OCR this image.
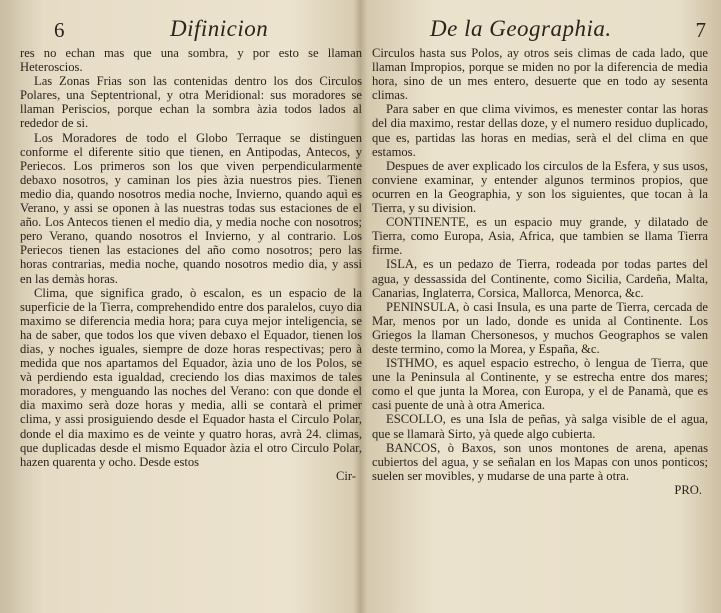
6	Difinicion

res no echan mas que una sombra, y por esto se llaman Heteroscios.

Las Zonas Frias son las contenidas dentro los dos Circulos Polares, una Septentrional, y otra Meridional: sus moradores se llaman Periscios, porque echan la sombra àzia todos lados al rededor de si.

Los Moradores de todo el Globo Terraque se distinguen conforme el diferente sitio que tienen, en Antipodas, Antecos, y Periecos. Los primeros son los que viven perpendicularmente debaxo nosotros, y caminan los pies àzia nuestros pies. Tienen medio dia, quando nosotros media noche, Invierno, quando aquì es Verano, y assi se oponen à las nuestras todas sus estaciones de el año. Los Antecos tienen el medio dia, y media noche con nosotros; pero Verano, quando nosotros el Invierno, y al contrario. Los Periecos tienen las estaciones del año como nosotros; pero las horas contrarias, media noche, quando nosotros medio dia, y assi en las demàs horas.

Clima, que significa grado, ò escalon, es un espacio de la superficie de la Tierra, comprehendido entre dos paralelos, cuyo dia maximo se diferencia media hora; para cuya mejor inteligencia, se ha de saber, que todos los que viven debaxo el Equador, tienen los dias, y noches iguales, siempre de doze horas respectivas; pero à medida que nos apartamos del Equador, àzia uno de los Polos, se và perdiendo esta igualdad, creciendo los dias maximos de tales moradores, y menguando las noches del Verano: con que donde el dia maximo serà doze horas y media, alli se contarà el primer clima, y assi prosiguiendo desde el Equador hasta el Circulo Polar, donde el dia maximo es de veinte y quatro horas, avrà 24. climas, que duplicadas desde el mismo Equador àzia el otro Circulo Polar, hazen quarenta y ocho. Desde estos

Cir-
De la Geographia.	7

Circulos hasta sus Polos, ay otros seis climas de cada lado, que llaman Impropios, porque se miden no por la diferencia de media hora, sino de un mes entero, desuerte que en todo ay sesenta climas.

Para saber en que clima vivimos, es menester contar las horas del dia maximo, restar dellas doze, y el numero residuo duplicado, que es, partidas las horas en medias, serà el del clima en que estamos.

Despues de aver explicado los circulos de la Esfera, y sus usos, conviene examinar, y entender algunos terminos propios, que ocurren en la Geographia, y son los siguientes, que tocan à la Tierra, y su division.

CONTINENTE, es un espacio muy grande, y dilatado de Tierra, como Europa, Asia, Africa, que tambien se llama Tierra firme.

ISLA, es un pedazo de Tierra, rodeada por todas partes del agua, y dessassida del Continente, como Sicilia, Cardeña, Malta, Canarias, Inglaterra, Corsica, Mallorca, Menorca, &c.

PENINSULA, ò casi Insula, es una parte de Tierra, cercada de Mar, menos por un lado, donde es unida al Continente. Los Griegos la llaman Chersonesos, y muchos Geographos se valen deste termino, como la Morea, y España, &c.

ISTHMO, es aquel espacio estrecho, ò lengua de Tierra, que une la Peninsula al Continente, y se estrecha entre dos mares; como el que junta la Morea, con Europa, y el de Panamà, que es casi puente de unà à otra America.

ESCOLLO, es una Isla de peñas, yà salga visible de el agua, que se llamarà Sirto, yà quede algo cubierta.

BANCOS, ò Baxos, son unos montones de arena, apenas cubiertos del agua, y se señalan en los Mapas con unos ponticos; suelen ser movibles, y mudarse de una parte à otra.

PRO.
